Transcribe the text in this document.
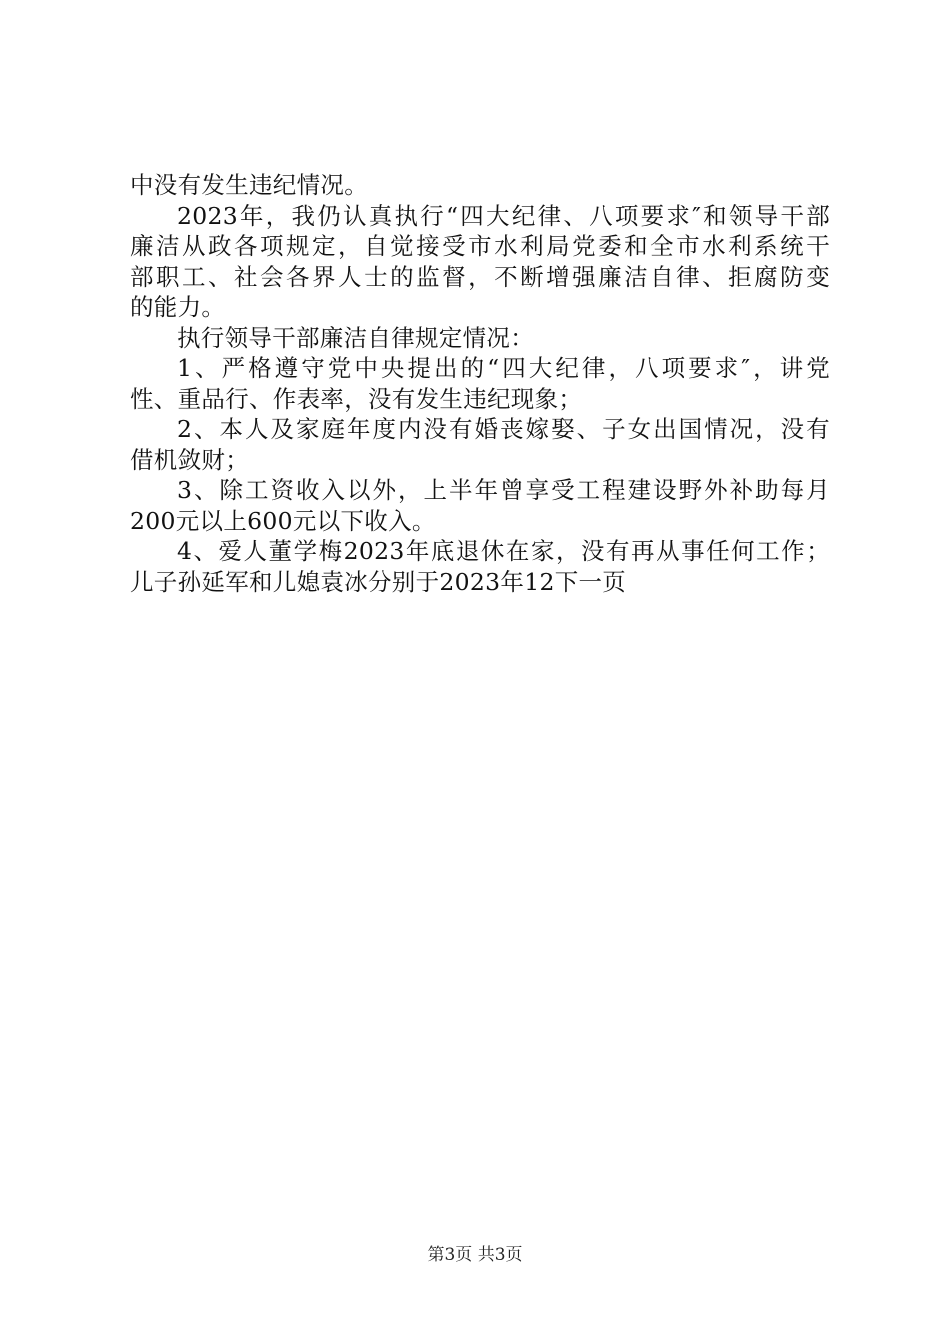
中没有发生违纪情况。
2023年，我仍认真执行“四大纪律、八项要求″和领导干部
廉洁从政各项规定，自觉接受市水利局党委和全市水利系统干
部职工、社会各界人士的监督，不断增强廉洁自律、拒腐防变
的能力。
执行领导干部廉洁自律规定情况：
1、严格遵守党中央提出的“四大纪律，八项要求″，讲党
性、重品行、作表率，没有发生违纪现象；
2、本人及家庭年度内没有婚丧嫁娶、子女出国情况，没有
借机敛财；
3、除工资收入以外，上半年曾享受工程建设野外补助每月
200元以上600元以下收入。
4、爱人董学梅2023年底退休在家，没有再从事任何工作；
儿子孙延军和儿媳袁冰分别于2023年12下一页
第3页 共3页
